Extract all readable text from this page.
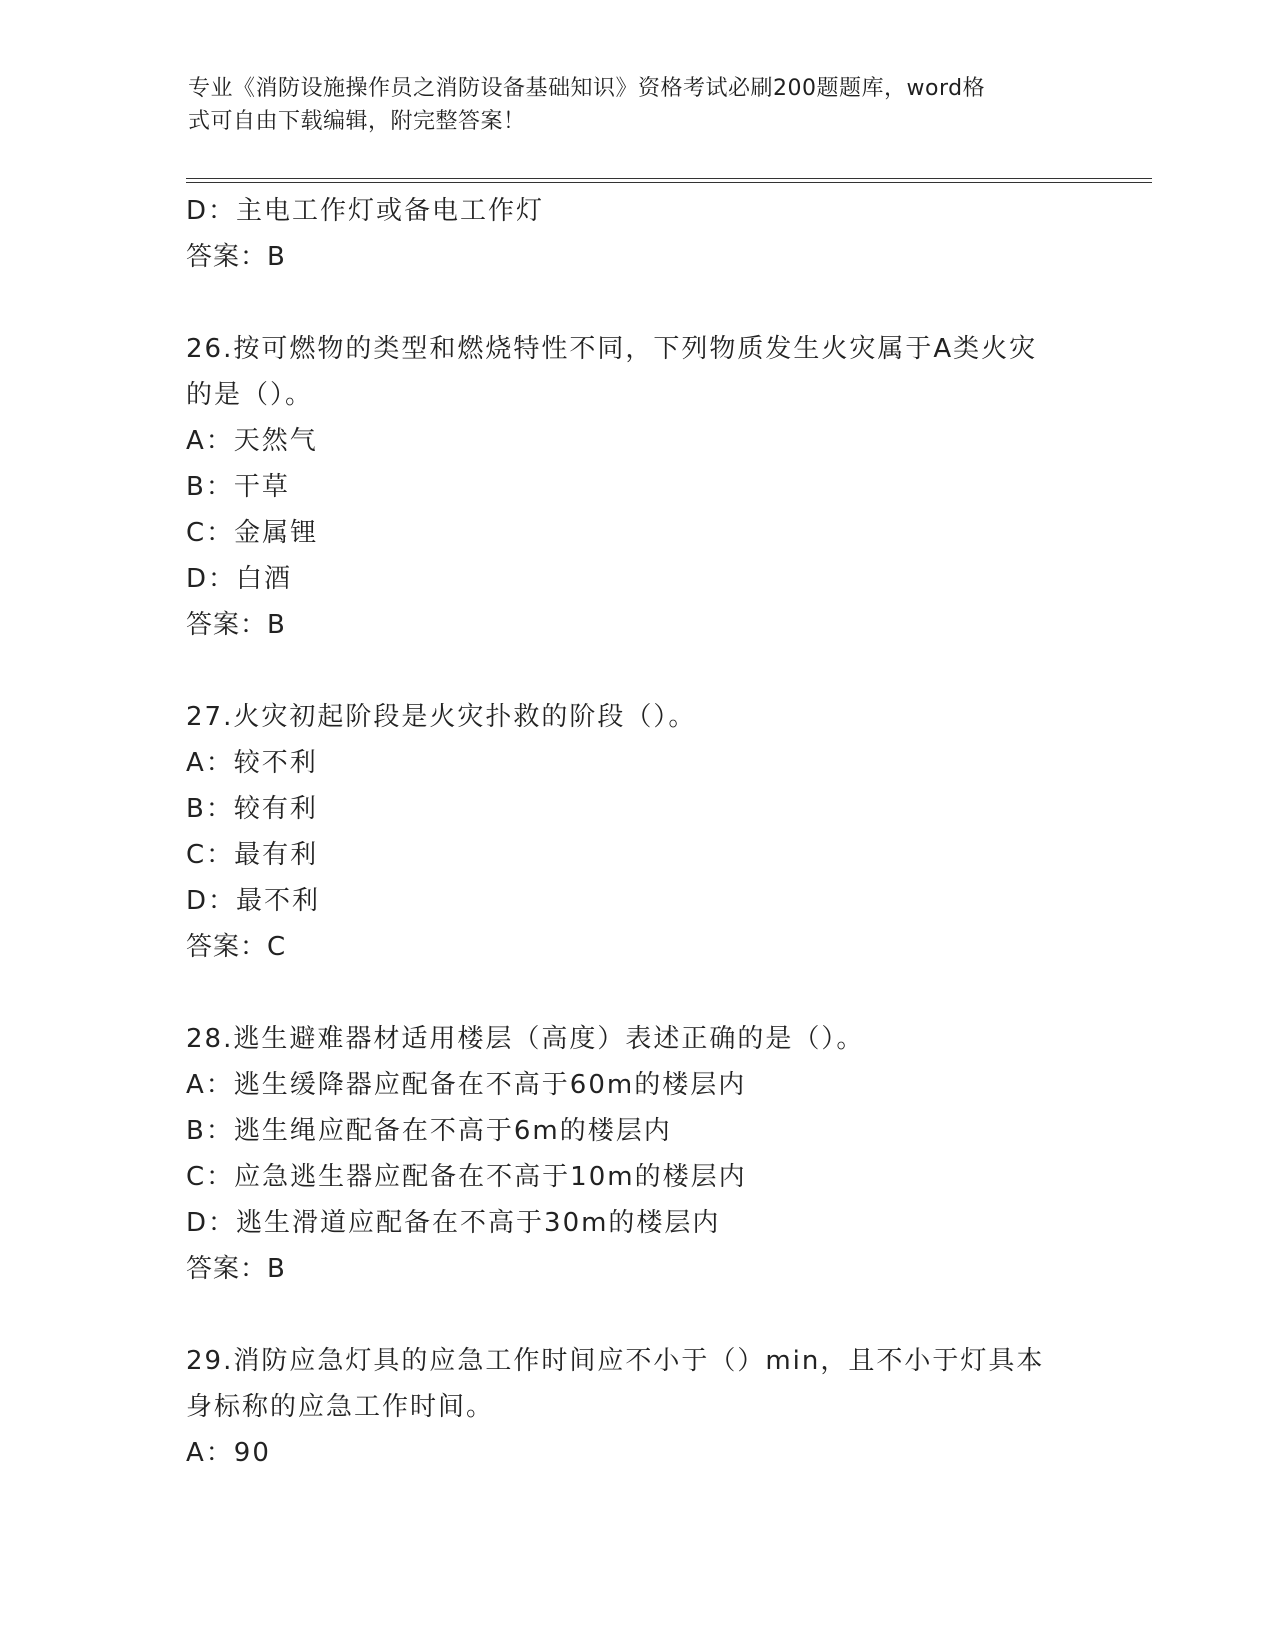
专业《消防设施操作员之消防设备基础知识》资格考试必刷200题题库，word格
式可自由下载编辑，附完整答案！
D：主电工作灯或备电工作灯
答案：B
26.按可燃物的类型和燃烧特性不同，下列物质发生火灾属于A类火灾
的是（）。
A：天然气
B：干草
C：金属锂
D：白酒
答案：B
27.火灾初起阶段是火灾扑救的阶段（）。
A：较不利
B：较有利
C：最有利
D：最不利
答案：C
28.逃生避难器材适用楼层（高度）表述正确的是（）。
A：逃生缓降器应配备在不高于60m的楼层内
B：逃生绳应配备在不高于6m的楼层内
C：应急逃生器应配备在不高于10m的楼层内
D：逃生滑道应配备在不高于30m的楼层内
答案：B
29.消防应急灯具的应急工作时间应不小于（）min，且不小于灯具本
身标称的应急工作时间。
A：90
